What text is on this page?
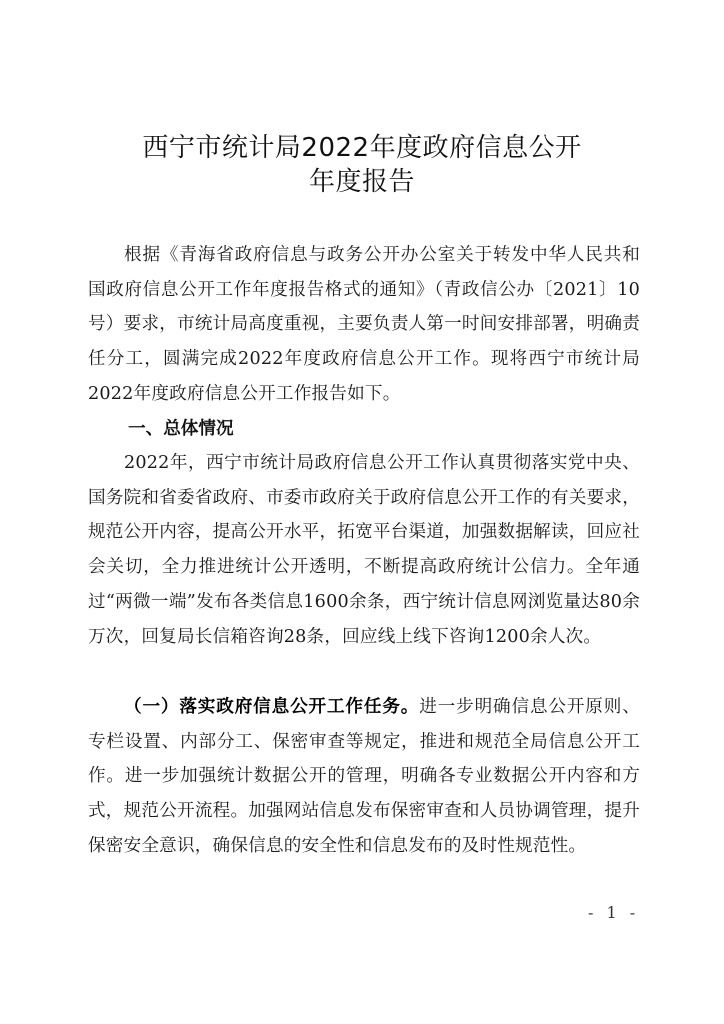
西宁市统计局2022年度政府信息公开
年度报告
根据《青海省政府信息与政务公开办公室关于转发中华人民共和国政府信息公开工作年度报告格式的通知》（青政信公办〔2021〕10号）要求，市统计局高度重视，主要负责人第一时间安排部署，明确责任分工，圆满完成2022年度政府信息公开工作。现将西宁市统计局2022年度政府信息公开工作报告如下。
一、总体情况
2022年，西宁市统计局政府信息公开工作认真贯彻落实党中央、国务院和省委省政府、市委市政府关于政府信息公开工作的有关要求，规范公开内容，提高公开水平，拓宽平台渠道，加强数据解读，回应社会关切，全力推进统计公开透明，不断提高政府统计公信力。全年通过“两微一端”发布各类信息1600余条，西宁统计信息网浏览量达80余万次，回复局长信箱咨询28条，回应线上线下咨询1200余人次。
（一）落实政府信息公开工作任务。进一步明确信息公开原则、专栏设置、内部分工、保密审查等规定，推进和规范全局信息公开工作。进一步加强统计数据公开的管理，明确各专业数据公开内容和方式，规范公开流程。加强网站信息发布保密审查和人员协调管理，提升保密安全意识，确保信息的安全性和信息发布的及时性规范性。
- 1 -
